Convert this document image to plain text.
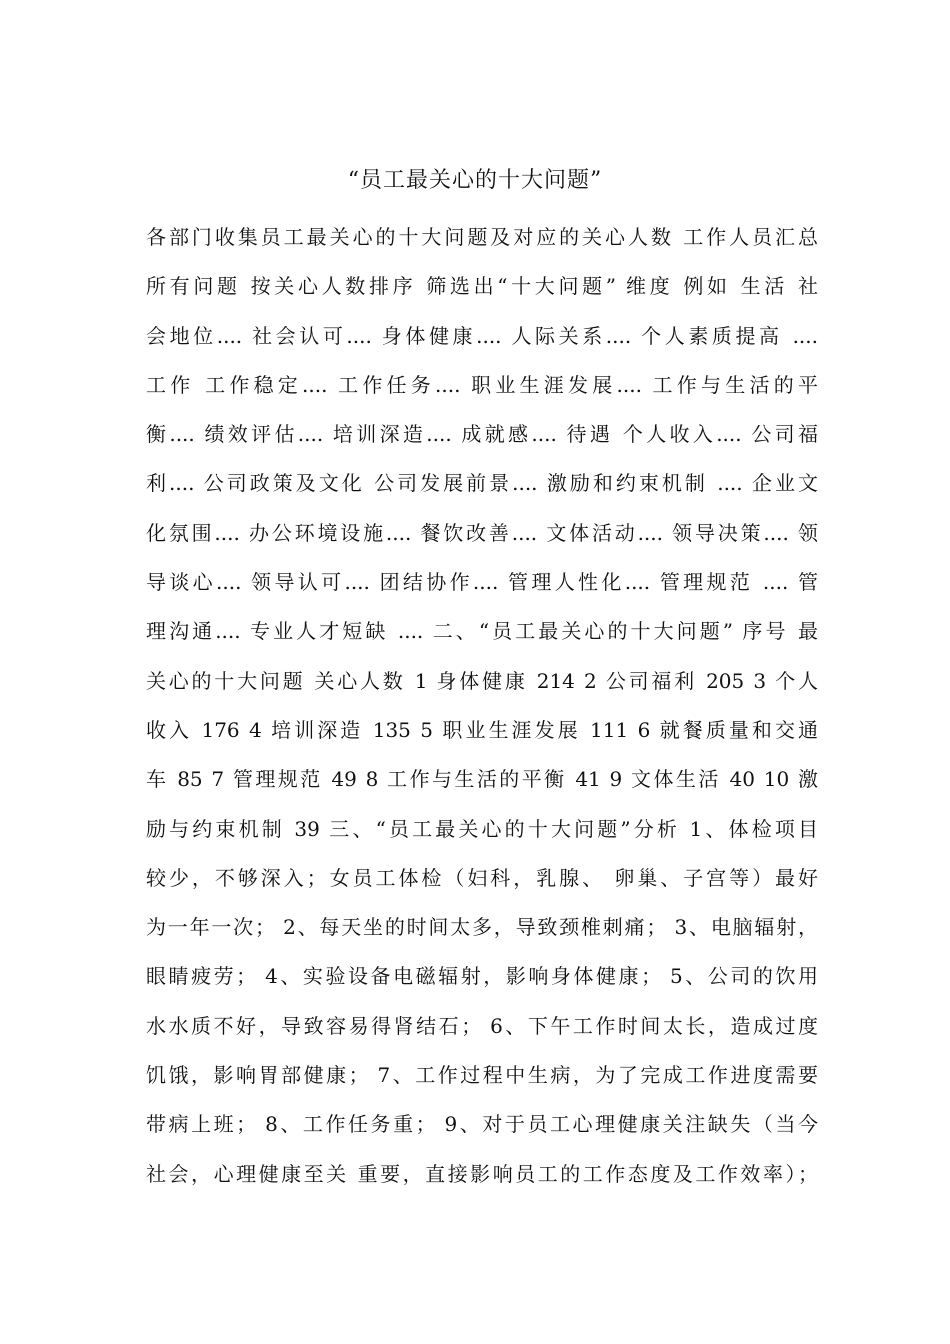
“员工最关心的十大问题”
各部门收集员工最关心的十大问题及对应的关心人数 工作人员汇总
所有问题 按关心人数排序 筛选出“十大问题” 维度 例如 生活 社
会地位.... 社会认可.... 身体健康.... 人际关系.... 个人素质提高 ....
工作 工作稳定.... 工作任务.... 职业生涯发展.... 工作与生活的平
衡.... 绩效评估.... 培训深造.... 成就感.... 待遇 个人收入.... 公司福
利.... 公司政策及文化 公司发展前景.... 激励和约束机制 .... 企业文
化氛围.... 办公环境设施.... 餐饮改善.... 文体活动.... 领导决策.... 领
导谈心.... 领导认可.... 团结协作.... 管理人性化.... 管理规范 .... 管
理沟通.... 专业人才短缺 .... 二、“员工最关心的十大问题” 序号 最
关心的十大问题 关心人数 1 身体健康 214 2 公司福利 205 3 个人
收入 176 4 培训深造 135 5 职业生涯发展 111 6 就餐质量和交通
车 85 7 管理规范 49 8 工作与生活的平衡 41 9 文体生活 40 10 激
励与约束机制 39 三、“员工最关心的十大问题”分析 1、体检项目
较少，不够深入；女员工体检（妇科，乳腺、 卵巢、子宫等）最好
为一年一次； 2、每天坐的时间太多，导致颈椎刺痛； 3、电脑辐射，
眼睛疲劳； 4、实验设备电磁辐射，影响身体健康； 5、公司的饮用
水水质不好，导致容易得肾结石； 6、下午工作时间太长，造成过度
饥饿，影响胃部健康； 7、工作过程中生病，为了完成工作进度需要
带病上班； 8、工作任务重； 9、对于员工心理健康关注缺失（当今
社会，心理健康至关 重要，直接影响员工的工作态度及工作效率）；
